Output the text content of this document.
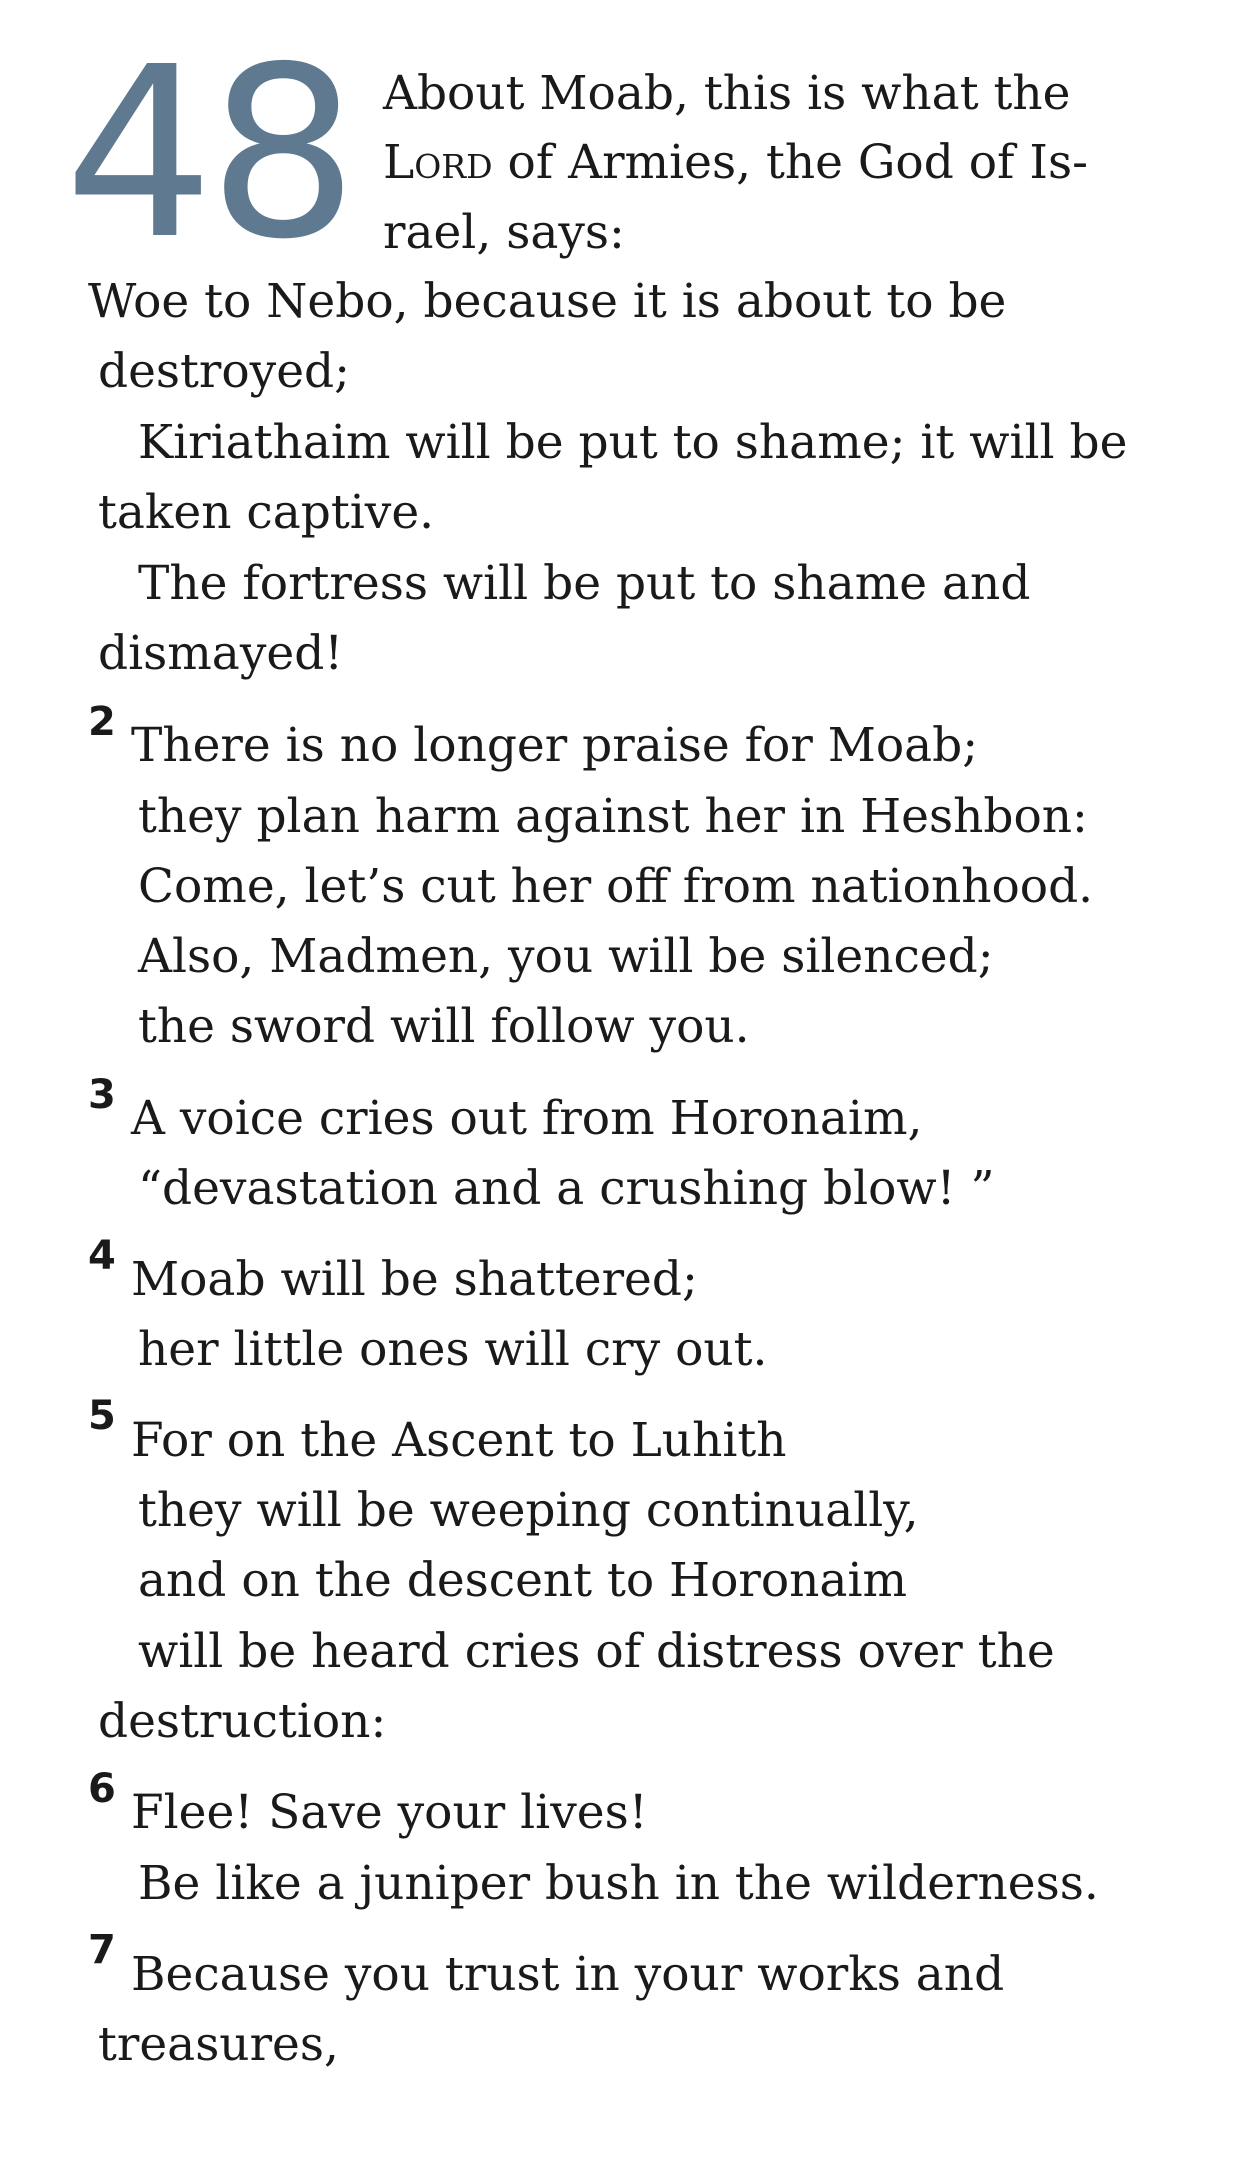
48 About Moab, this is what the
Lord of Armies, the God of Is-
rael, says:
Woe to Nebo, because it is about to be
destroyed;
Kiriathaim will be put to shame; it will be
taken captive.
The fortress will be put to shame and
dismayed!
2 There is no longer praise for Moab;
they plan harm against her in Heshbon:
Come, let’s cut her off from nationhood.
Also, Madmen, you will be silenced;
the sword will follow you.
3 A voice cries out from Horonaim,
“devastation and a crushing blow! ”
4 Moab will be shattered;
her little ones will cry out.
5 For on the Ascent to Luhith
they will be weeping continually,
and on the descent to Horonaim
will be heard cries of distress over the
destruction:
6 Flee! Save your lives!
Be like a juniper bush in the wilderness.
7 Because you trust in your works and
treasures,
